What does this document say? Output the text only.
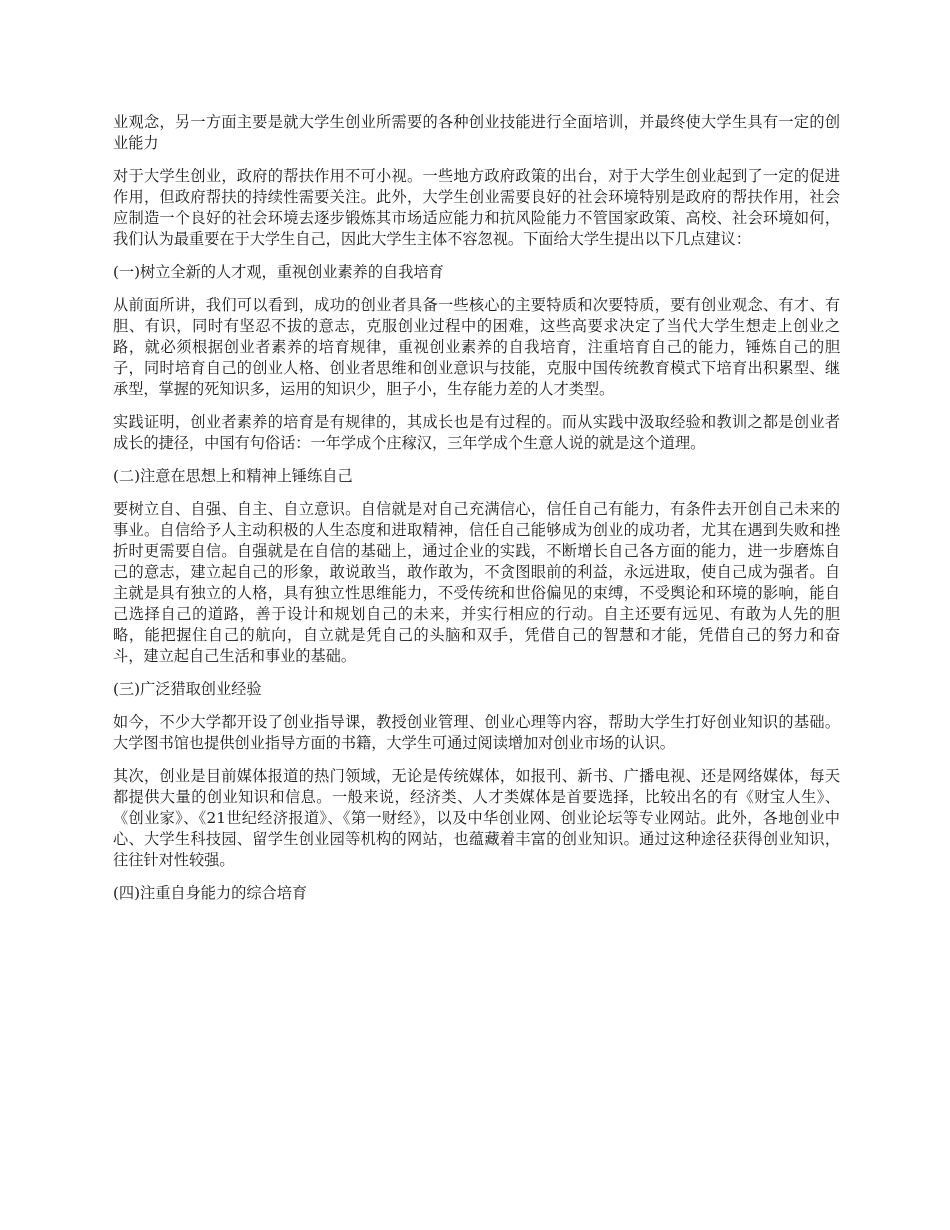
业观念，另一方面主要是就大学生创业所需要的各种创业技能进行全面培训，并最终使大学生具有一定的创业能力

对于大学生创业，政府的帮扶作用不可小视。一些地方政府政策的出台，对于大学生创业起到了一定的促进作用，但政府帮扶的持续性需要关注。此外，大学生创业需要良好的社会环境特别是政府的帮扶作用，社会应制造一个良好的社会环境去逐步锻炼其市场适应能力和抗风险能力不管国家政策、高校、社会环境如何，我们认为最重要在于大学生自己，因此大学生主体不容忽视。下面给大学生提出以下几点建议：

(一)树立全新的人才观，重视创业素养的自我培育

从前面所讲，我们可以看到，成功的创业者具备一些核心的主要特质和次要特质，要有创业观念、有才、有胆、有识，同时有坚忍不拔的意志，克服创业过程中的困难，这些高要求决定了当代大学生想走上创业之路，就必须根据创业者素养的培育规律，重视创业素养的自我培育，注重培育自己的能力，锤炼自己的胆子，同时培育自己的创业人格、创业者思维和创业意识与技能，克服中国传统教育模式下培育出积累型、继承型，掌握的死知识多，运用的知识少，胆子小，生存能力差的人才类型。

实践证明，创业者素养的培育是有规律的，其成长也是有过程的。而从实践中汲取经验和教训之都是创业者成长的捷径，中国有句俗话：一年学成个庄稼汉，三年学成个生意人说的就是这个道理。

(二)注意在思想上和精神上锤练自己

要树立自、自强、自主、自立意识。自信就是对自己充满信心，信任自己有能力，有条件去开创自己未来的事业。自信给予人主动积极的人生态度和进取精神，信任自己能够成为创业的成功者，尤其在遇到失败和挫折时更需要自信。自强就是在自信的基础上，通过企业的实践，不断增长自己各方面的能力，进一步磨炼自己的意志，建立起自己的形象，敢说敢当，敢作敢为，不贪图眼前的利益，永远进取，使自己成为强者。自主就是具有独立的人格，具有独立性思维能力，不受传统和世俗偏见的束缚，不受舆论和环境的影响，能自己选择自己的道路，善于设计和规划自己的未来，并实行相应的行动。自主还要有远见、有敢为人先的胆略，能把握住自己的航向，自立就是凭自己的头脑和双手，凭借自己的智慧和才能，凭借自己的努力和奋斗，建立起自己生活和事业的基础。

(三)广泛猎取创业经验

如今，不少大学都开设了创业指导课，教授创业管理、创业心理等内容，帮助大学生打好创业知识的基础。大学图书馆也提供创业指导方面的书籍，大学生可通过阅读增加对创业市场的认识。

其次，创业是目前媒体报道的热门领域，无论是传统媒体，如报刊、新书、广播电视、还是网络媒体，每天都提供大量的创业知识和信息。一般来说，经济类、人才类媒体是首要选择，比较出名的有《财宝人生》、《创业家》、《21世纪经济报道》、《第一财经》，以及中华创业网、创业论坛等专业网站。此外，各地创业中心、大学生科技园、留学生创业园等机构的网站，也蕴藏着丰富的创业知识。通过这种途径获得创业知识，往往针对性较强。

(四)注重自身能力的综合培育
